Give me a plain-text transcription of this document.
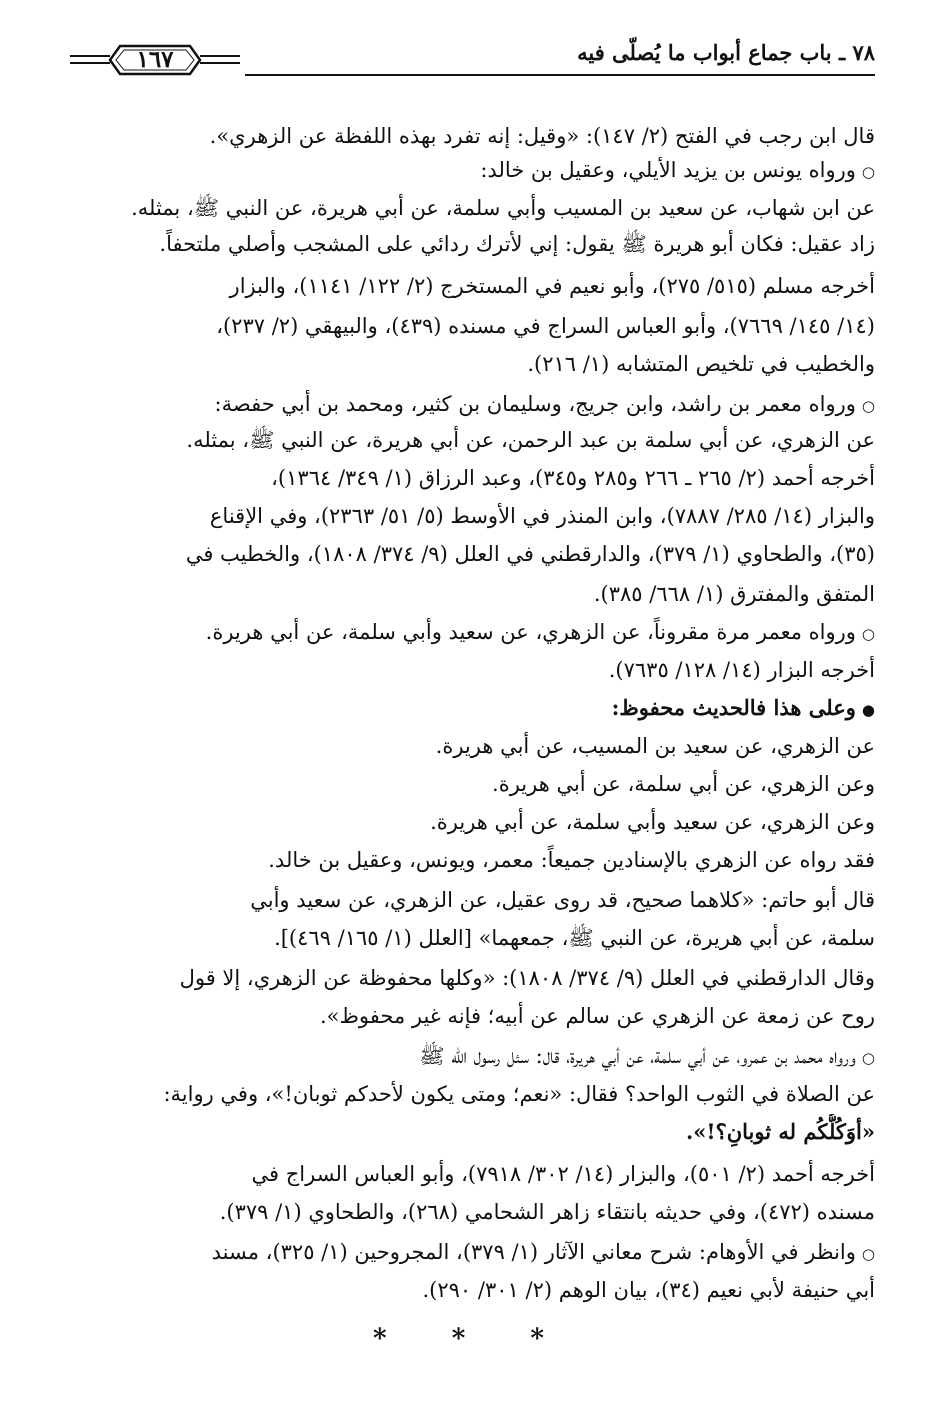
٧٨ ـ باب جماع أبواب ما يُصلّى فيه
١٦٧
قال ابن رجب في الفتح (٢/ ١٤٧): «وقيل: إنه تفرد بهذه اللفظة عن الزهري».
○ورواه يونس بن يزيد الأيلي، وعقيل بن خالد:
عن ابن شهاب، عن سعيد بن المسيب وأبي سلمة، عن أبي هريرة، عن النبي ﷺ، بمثله.
زاد عقيل: فكان أبو هريرة ﷺ يقول: إني لأترك ردائي على المشجب وأصلي ملتحفاً.
أخرجه مسلم (٥١٥/ ٢٧٥)، وأبو نعيم في المستخرج (٢/ ١٢٢/ ١١٤١)، والبزار
(١٤/ ١٤٥/ ٧٦٦٩)، وأبو العباس السراج في مسنده (٤٣٩)، والبيهقي (٢/ ٢٣٧)،
والخطيب في تلخيص المتشابه (١/ ٢١٦).
○ورواه معمر بن راشد، وابن جريج، وسليمان بن كثير، ومحمد بن أبي حفصة:
عن الزهري، عن أبي سلمة بن عبد الرحمن، عن أبي هريرة، عن النبي ﷺ، بمثله.
أخرجه أحمد (٢/ ٢٦٥ ـ ٢٦٦ و٢٨٥ و٣٤٥)، وعبد الرزاق (١/ ٣٤٩/ ١٣٦٤)،
والبزار (١٤/ ٢٨٥/ ٧٨٨٧)، وابن المنذر في الأوسط (٥/ ٥١/ ٢٣٦٣)، وفي الإقناع
(٣٥)، والطحاوي (١/ ٣٧٩)، والدارقطني في العلل (٩/ ٣٧٤/ ١٨٠٨)، والخطيب في
المتفق والمفترق (١/ ٦٦٨/ ٣٨٥).
○ورواه معمر مرة مقروناً، عن الزهري، عن سعيد وأبي سلمة، عن أبي هريرة.
أخرجه البزار (١٤/ ١٢٨/ ٧٦٣٥).
●وعلى هذا فالحديث محفوظ:
عن الزهري، عن سعيد بن المسيب، عن أبي هريرة.
وعن الزهري، عن أبي سلمة، عن أبي هريرة.
وعن الزهري، عن سعيد وأبي سلمة، عن أبي هريرة.
فقد رواه عن الزهري بالإسنادين جميعاً: معمر، ويونس، وعقيل بن خالد.
قال أبو حاتم: «كلاهما صحيح، قد روى عقيل، عن الزهري، عن سعيد وأبي
سلمة، عن أبي هريرة، عن النبي ﷺ، جمعهما» [العلل (١/ ١٦٥/ ٤٦٩)].
وقال الدارقطني في العلل (٩/ ٣٧٤/ ١٨٠٨): «وكلها محفوظة عن الزهري، إلا قول
روح عن زمعة عن الزهري عن سالم عن أبيه؛ فإنه غير محفوظ».
○ورواه محمد بن عمرو، عن أبي سلمة، عن أبي هريرة، قال: سئل رسول الله ﷺ
عن الصلاة في الثوب الواحد؟ فقال: «نعم؛ ومتى يكون لأحدكم ثوبان!»، وفي رواية:
«أوَكُلُّكُم له ثوبانِ؟!».
أخرجه أحمد (٢/ ٥٠١)، والبزار (١٤/ ٣٠٢/ ٧٩١٨)، وأبو العباس السراج في
مسنده (٤٧٢)، وفي حديثه بانتقاء زاهر الشحامي (٢٦٨)، والطحاوي (١/ ٣٧٩).
○وانظر في الأوهام: شرح معاني الآثار (١/ ٣٧٩)، المجروحين (١/ ٣٢٥)، مسند
أبي حنيفة لأبي نعيم (٣٤)، بيان الوهم (٢/ ٣٠١/ ٢٩٠).
* * *
